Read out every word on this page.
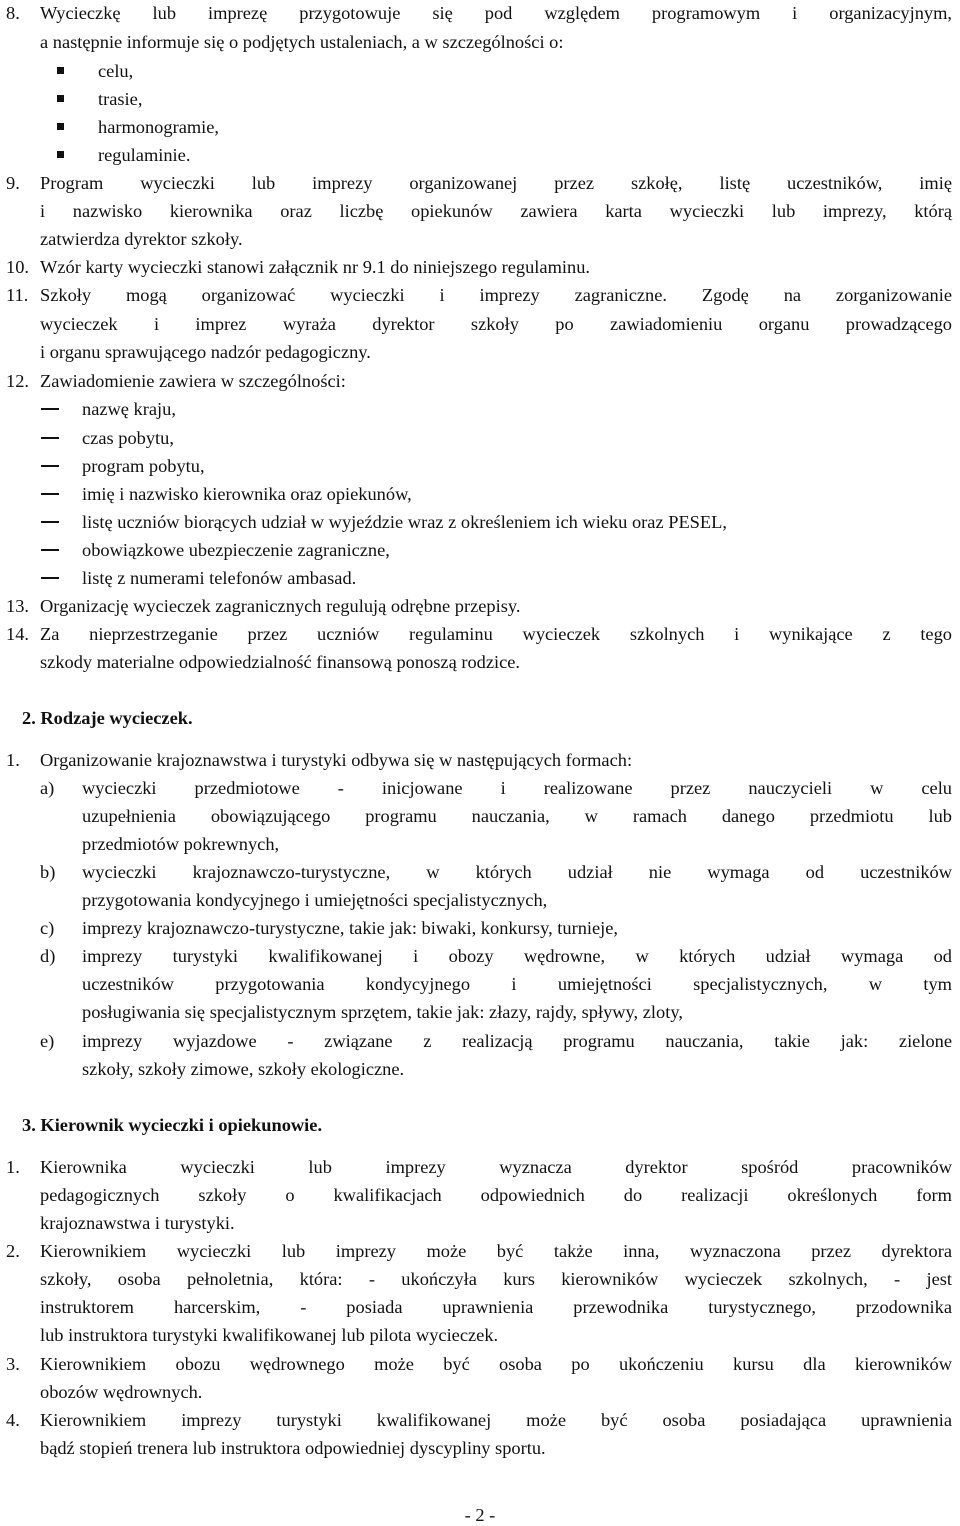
8. Wycieczkę lub imprezę przygotowuje się pod względem programowym i organizacyjnym,
a następnie informuje się o podjętych ustaleniach, a w szczególności o:
celu,
trasie,
harmonogramie,
regulaminie.
9. Program wycieczki lub imprezy organizowanej przez szkołę, listę uczestników, imię
i nazwisko kierownika oraz liczbę opiekunów zawiera karta wycieczki lub imprezy, którą
zatwierdza dyrektor szkoły.
10. Wzór karty wycieczki stanowi załącznik nr 9.1 do niniejszego regulaminu.
11. Szkoły mogą organizować wycieczki i imprezy zagraniczne. Zgodę na zorganizowanie
wycieczek i imprez wyraża dyrektor szkoły po zawiadomieniu organu prowadzącego
i organu sprawującego nadzór pedagogiczny.
12. Zawiadomienie zawiera w szczególności:
nazwę kraju,
czas pobytu,
program pobytu,
imię i nazwisko kierownika oraz opiekunów,
listę uczniów biorących udział w wyjeździe wraz z określeniem ich wieku oraz PESEL,
obowiązkowe ubezpieczenie zagraniczne,
listę z numerami telefonów ambasad.
13. Organizację wycieczek zagranicznych regulują odrębne przepisy.
14. Za nieprzestrzeganie przez uczniów regulaminu wycieczek szkolnych i wynikające z tego
szkody materialne odpowiedzialność finansową ponoszą rodzice.
2. Rodzaje wycieczek.
1. Organizowanie krajoznawstwa i turystyki odbywa się w następujących formach:
a) wycieczki przedmiotowe - inicjowane i realizowane przez nauczycieli w celu
uzupełnienia obowiązującego programu nauczania, w ramach danego przedmiotu lub
przedmiotów pokrewnych,
b) wycieczki krajoznawczo-turystyczne, w których udział nie wymaga od uczestników
przygotowania kondycyjnego i umiejętności specjalistycznych,
c) imprezy krajoznawczo-turystyczne, takie jak: biwaki, konkursy, turnieje,
d) imprezy turystyki kwalifikowanej i obozy wędrowne, w których udział wymaga od
uczestników przygotowania kondycyjnego i umiejętności specjalistycznych, w tym
posługiwania się specjalistycznym sprzętem, takie jak: złazy, rajdy, spływy, zloty,
e) imprezy wyjazdowe - związane z realizacją programu nauczania, takie jak: zielone
szkoły, szkoły zimowe, szkoły ekologiczne.
3. Kierownik wycieczki i opiekunowie.
1. Kierownika wycieczki lub imprezy wyznacza dyrektor spośród pracowników
pedagogicznych szkoły o kwalifikacjach odpowiednich do realizacji określonych form
krajoznawstwa i turystyki.
2. Kierownikiem wycieczki lub imprezy może być także inna, wyznaczona przez dyrektora
szkoły, osoba pełnoletnia, która: - ukończyła kurs kierowników wycieczek szkolnych, - jest
instruktorem harcerskim, - posiada uprawnienia przewodnika turystycznego, przodownika
lub instruktora turystyki kwalifikowanej lub pilota wycieczek.
3. Kierownikiem obozu wędrownego może być osoba po ukończeniu kursu dla kierowników
obozów wędrownych.
4. Kierownikiem imprezy turystyki kwalifikowanej może być osoba posiadająca uprawnienia
bądź stopień trenera lub instruktora odpowiedniej dyscypliny sportu.
- 2 -
